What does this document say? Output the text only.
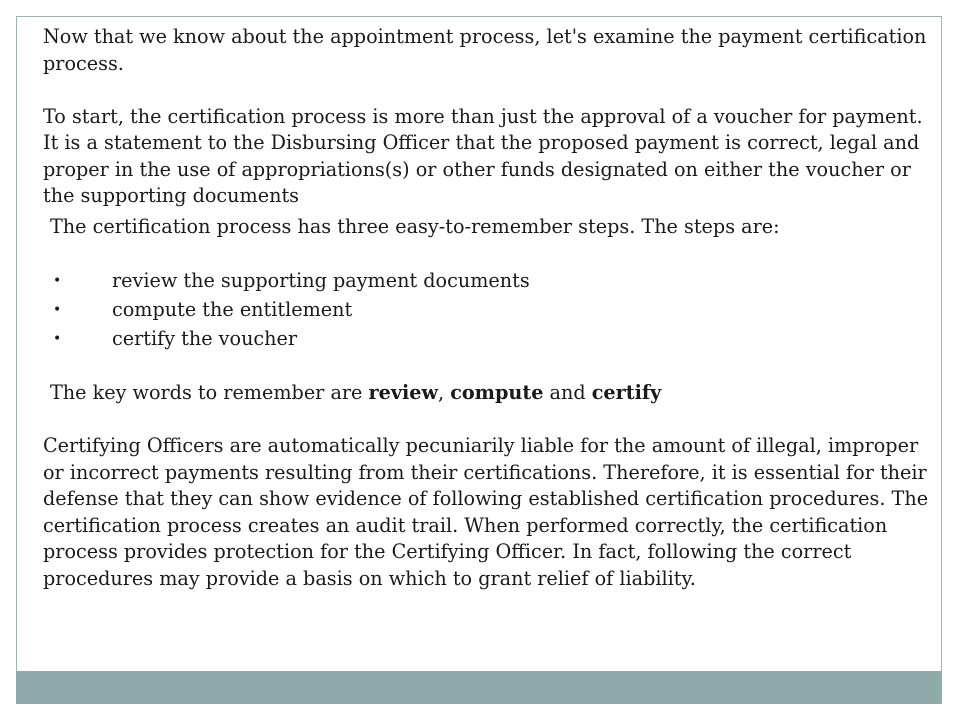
Now that we know about the appointment process, let's examine the payment certification process.

To start, the certification process is more than just the approval of a voucher for payment. It is a statement to the Disbursing Officer that the proposed payment is correct, legal and proper in the use of appropriations(s) or other funds designated on either the voucher or the supporting documents

The certification process has three easy-to-remember steps. The steps are:

•	review the supporting payment documents
•	compute the entitlement
•	certify the voucher

The key words to remember are review, compute and certify

Certifying Officers are automatically pecuniarily liable for the amount of illegal, improper or incorrect payments resulting from their certifications. Therefore, it is essential for their defense that they can show evidence of following established certification procedures. The certification process creates an audit trail. When performed correctly, the certification process provides protection for the Certifying Officer. In fact, following the correct procedures may provide a basis on which to grant relief of liability.
